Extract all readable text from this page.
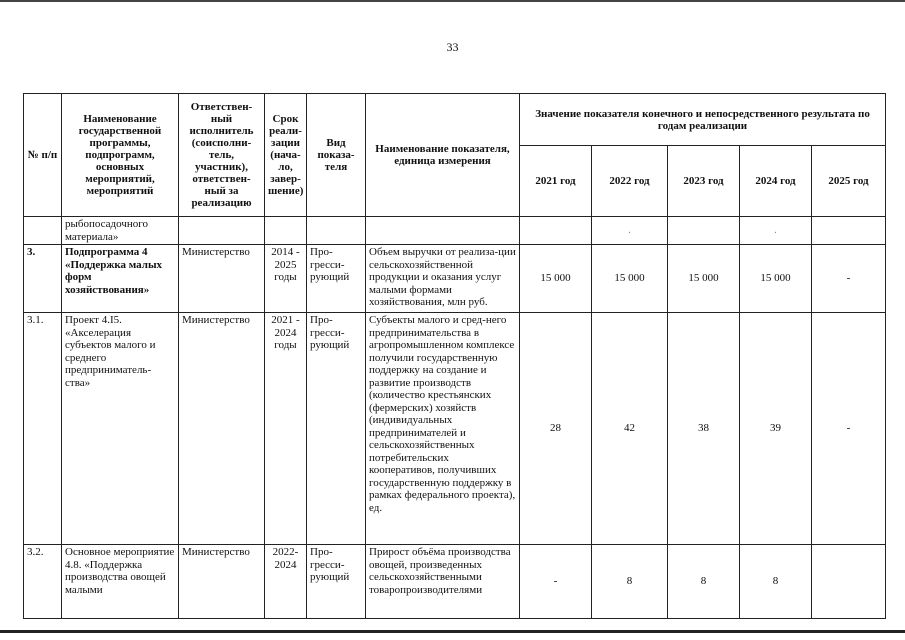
33
№ п/п	Наименование государственной программы, подпрограмм, основных мероприятий, мероприятий	Ответствен-ный исполнитель (соисполни-тель, участник), ответствен-ный за реализацию	Срок реали-зации (нача-ло, завер-шение)	Вид показа-теля	Наименование показателя, единица измерения	Значение показателя конечного и непосредственного результата по годам реализации				
						2021 год	2022 год	2023 год	2024 год	2025 год
	рыбопосадочного материала»						.		.	
3.	Подпрограмма 4 «Поддержка малых форм хозяйствования»	Министерство	2014 - 2025 годы	Про-гресси-рующий	Объем выручки от реализа-ции сельскохозяйственной продукции и оказания услуг малыми формами хозяйствования, млн руб.	15 000	15 000	15 000	15 000	-
3.1.	Проект 4.I5. «Акселерация субъектов малого и среднего предприниматель-ства»	Министерство	2021 - 2024 годы	Про-гресси-рующий	Субъекты малого и сред-него предпринимательства в агропромышленном комплексе получили государственную поддержку на создание и развитие производств (количество крестьянских (фермерских) хозяйств (индивидуальных предпринимателей и сельскохозяйственных потребительских кооперативов, получивших государственную поддержку в рамках федерального проекта), ед.	28	42	38	39	-
3.2.	Основное мероприятие 4.8. «Поддержка производства овощей малыми	Министерство	2022- 2024	Про-гресси-рующий	Прирост объёма производства овощей, произведенных сельскохозяйственными товаропроизводителями	-	8	8	8	
